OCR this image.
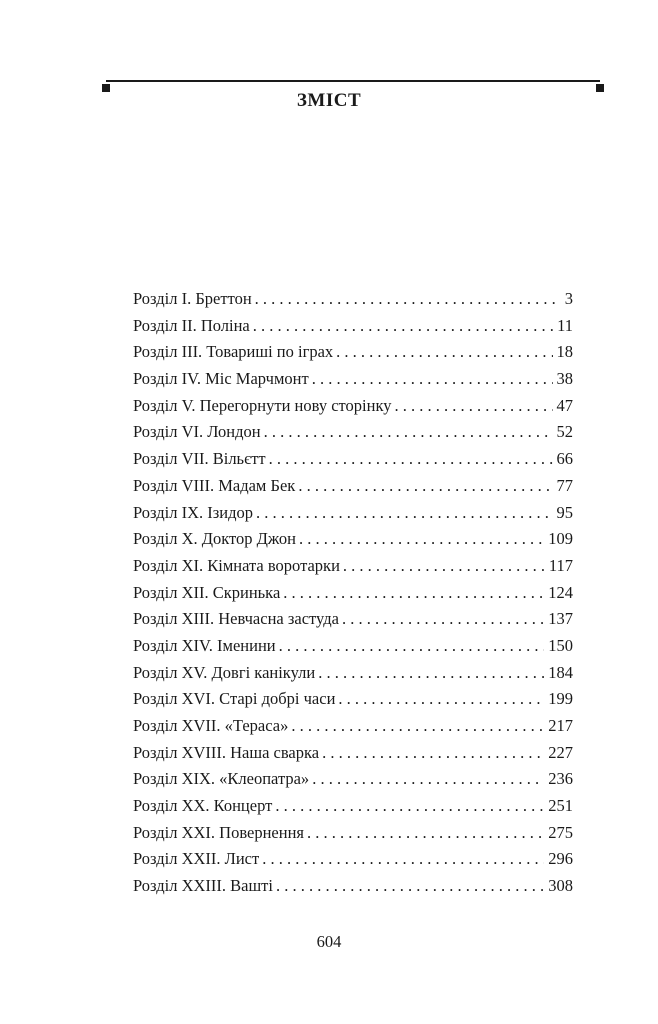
ЗМІСТ
Розділ I. Бреттон . . .	3
Розділ II. Поліна . . .	11
Розділ III. Товариші по іграх . . .	18
Розділ IV. Міс Марчмонт . . .	38
Розділ V. Перегорнути нову сторінку . . .	47
Розділ VI. Лондон . . .	52
Розділ VII. Вільєтт . . .	66
Розділ VIII. Мадам Бек . . .	77
Розділ IX. Ізидор . . .	95
Розділ X. Доктор Джон . . .	109
Розділ XI. Кімната воротарки . . .	117
Розділ XII. Скринька . . .	124
Розділ XIII. Невчасна застуда . . .	137
Розділ XIV. Іменини . . .	150
Розділ XV. Довгі канікули . . .	184
Розділ XVI. Старі добрі часи . . .	199
Розділ XVII. «Тераса» . . .	217
Розділ XVIII. Наша сварка . . .	227
Розділ XIX. «Клеопатра» . . .	236
Розділ XX. Концерт . . .	251
Розділ XXI. Повернення . . .	275
Розділ XXII. Лист . . .	296
Розділ XXIII. Ваштi . . .	308
604
